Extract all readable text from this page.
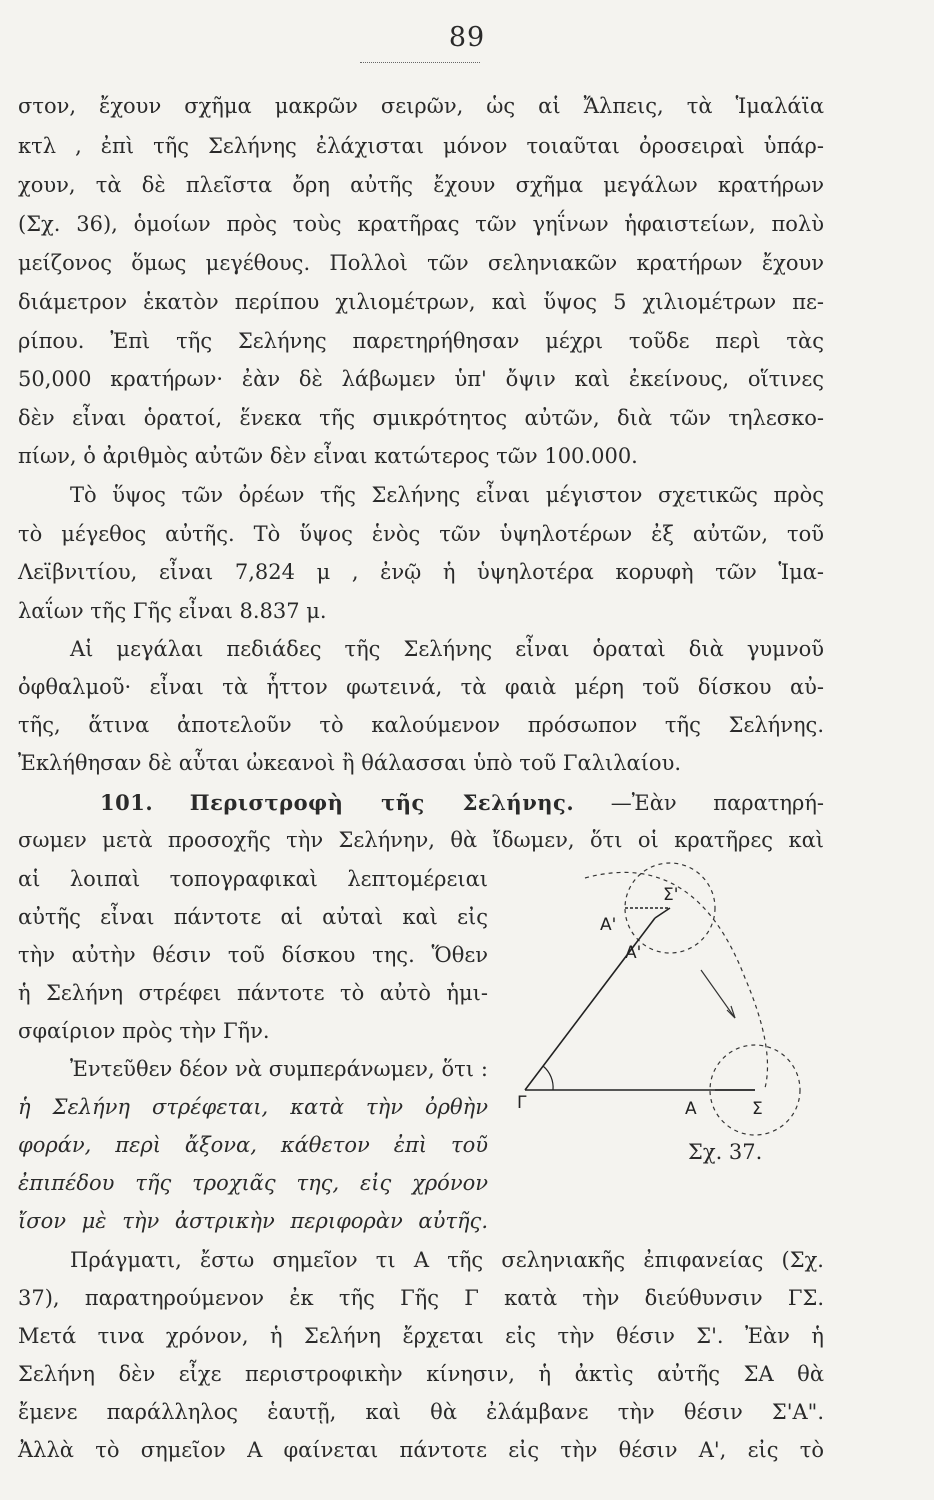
89
στον, ἔχουν σχῆμα μακρῶν σειρῶν, ὡς αἱ Ἄλπεις, τὰ Ἱμαλάϊα
κτλ , ἐπὶ τῆς Σελήνης ἐλάχισται μόνον τοιαῦται ὀροσειραὶ ὑπάρ-
χουν, τὰ δὲ πλεῖστα ὄρη αὐτῆς ἔχουν σχῆμα μεγάλων κρατήρων
(Σχ. 36), ὁμοίων πρὸς τοὺς κρατῆρας τῶν γηΐνων ἡφαιστείων, πολὺ
μείζονος ὅμως μεγέθους. Πολλοὶ τῶν σεληνιακῶν κρατήρων ἔχουν
διάμετρον ἑκατὸν περίπου χιλιομέτρων, καὶ ὕψος 5 χιλιομέτρων πε-
ρίπου. Ἐπὶ τῆς Σελήνης παρετηρήθησαν μέχρι τοῦδε περὶ τὰς
50,000 κρατήρων· ἐὰν δὲ λάβωμεν ὑπ' ὄψιν καὶ ἐκείνους, οἵτινες
δὲν εἶναι ὁρατοί, ἕνεκα τῆς σμικρότητος αὐτῶν, διὰ τῶν τηλεσκο-
πίων, ὁ ἀριθμὸς αὐτῶν δὲν εἶναι κατώτερος τῶν 100.000.
Τὸ ὕψος τῶν ὀρέων τῆς Σελήνης εἶναι μέγιστον σχετικῶς πρὸς
τὸ μέγεθος αὐτῆς. Τὸ ὕψος ἑνὸς τῶν ὑψηλοτέρων ἐξ αὐτῶν, τοῦ
Λεϊβνιτίου, εἶναι 7,824 μ , ἐνῷ ἡ ὑψηλοτέρα κορυφὴ τῶν Ἱμα-
λαΐων τῆς Γῆς εἶναι 8.837 μ.
Αἱ μεγάλαι πεδιάδες τῆς Σελήνης εἶναι ὁραταὶ διὰ γυμνοῦ
ὀφθαλμοῦ· εἶναι τὰ ἧττον φωτεινά, τὰ φαιὰ μέρη τοῦ δίσκου αὐ-
τῆς, ἅτινα ἀποτελοῦν τὸ καλούμενον πρόσωπον τῆς Σελήνης.
Ἐκλήθησαν δὲ αὗται ὠκεανοὶ ἢ θάλασσαι ὑπὸ τοῦ Γαλιλαίου.
101. Περιστροφὴ τῆς Σελήνης. —Ἐὰν παρατηρή-
σωμεν μετὰ προσοχῆς τὴν Σελήνην, θὰ ἴδωμεν, ὅτι οἱ κρατῆρες καὶ
αἱ λοιπαὶ τοπογραφικαὶ λεπτομέρειαι
αὐτῆς εἶναι πάντοτε αἱ αὐταὶ καὶ εἰς
τὴν αὐτὴν θέσιν τοῦ δίσκου της. Ὅθεν
ἡ Σελήνη στρέφει πάντοτε τὸ αὐτὸ ἡμι-
σφαίριον πρὸς τὴν Γῆν.
Ἐντεῦθεν δέον νὰ συμπεράνωμεν, ὅτι :
ἡ Σελήνη στρέφεται, κατὰ τὴν ὀρθὴν
φοράν, περὶ ἄξονα, κάθετον ἐπὶ τοῦ
ἐπιπέδου τῆς τροχιᾶς της, εἰς χρόνον
ἴσον μὲ τὴν ἀστρικὴν περιφορὰν αὐτῆς.
Γ	Σ
Α
Σ'
Α'
Α'
Σχ. 37.
Πράγματι, ἔστω σημεῖον τι Α τῆς σεληνιακῆς ἐπιφανείας (Σχ.
37), παρατηρούμενον ἐκ τῆς Γῆς Γ κατὰ τὴν διεύθυνσιν ΓΣ.
Μετά τινα χρόνον, ἡ Σελήνη ἔρχεται εἰς τὴν θέσιν Σ'. Ἐὰν ἡ
Σελήνη δὲν εἶχε περιστροφικὴν κίνησιν, ἡ ἀκτὶς αὐτῆς ΣΑ θὰ
ἔμενε παράλληλος ἑαυτῇ, καὶ θὰ ἐλάμβανε τὴν θέσιν Σ'Α".
Ἀλλὰ τὸ σημεῖον Α φαίνεται πάντοτε εἰς τὴν θέσιν Α', εἰς τὸ
